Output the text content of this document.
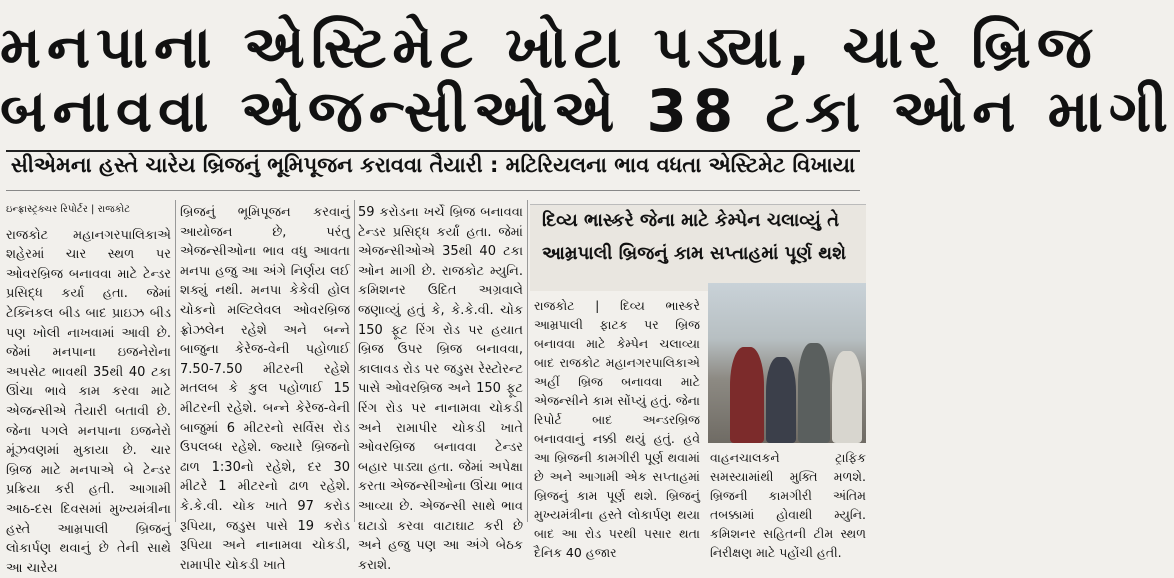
મનપાના એસ્ટિમેટ ખોટા પડ્યા, ચાર બ્રિજ
બનાવવા એજન્સીઓએ 38 ટકા ઓન માગી
સીએમના હસ્તે ચારેય બ્રિજનું ભૂમિપૂજન કરાવવા તૈયારી : મટિરિયલના ભાવ વધતા એસ્ટિમેટ વિખાયા
ઇન્ફ્રાસ્ટ્રક્ચર રિપોર્ટર | રાજકોટ

રાજકોટ મહાનગરપાલિકાએ શહેરમાં ચાર સ્થળ પર ઓવરબ્રિજ બનાવવા માટે ટેન્ડર પ્રસિદ્ધ કર્યા હતા. જેમાં ટેક્નિકલ બીડ બાદ પ્રાઇઝ બીડ પણ ખોલી નાખવામાં આવી છે. જેમાં મનપાના ઇજનેરોના અપસેટ ભાવથી 35થી 40 ટકા ઊંચા ભાવે કામ કરવા માટે એજન્સીએ તૈયારી બતાવી છે. જેના પગલે મનપાના ઇજનેરો મૂંઝવણમાં મુકાયા છે. ચાર બ્રિજ માટે મનપાએ બે ટેન્ડર પ્રક્રિયા કરી હતી. આગામી આઠ-દસ દિવસમાં મુખ્યમંત્રીના હસ્તે આમ્રપાલી બ્રિજનું લોકાર્પણ થવાનું છે તેની સાથે આ ચારેય

બ્રિજનું ભૂમિપૂજન કરવાનું આયોજન છે, પરંતુ એજન્સીઓના ભાવ વધુ આવતા મનપા હજુ આ અંગે નિર્ણય લઈ શક્યું નથી. મનપા કેકેવી હોલ ચોકનો મલ્ટિલેવલ ઓવરબ્રિજ ફ્રોઝલેન રહેશે અને બન્ને બાજુના કેરેજ-વેની પહોળાઈ 7.50-7.50 મીટરની રહેશે મતલબ કે કુલ પહોળાઈ 15 મીટરની રહેશે. બન્ને કેરેજ-વેની બાજુમાં 6 મીટરનો સર્વિસ રોડ ઉપલબ્ધ રહેશે. જ્યારે બ્રિજનો ઢાળ 1:30નો રહેશે, દર 30 મીટરે 1 મીટરનો ઢાળ રહેશે. કે.કે.વી. ચોક ખાતે 97 કરોડ રૂપિયા, જડુસ પાસે 19 કરોડ રૂપિયા અને નાનામવા ચોકડી, રામાપીર ચોકડી ખાતે

59 કરોડના ખર્ચે બ્રિજ બનાવવા ટેન્ડર પ્રસિદ્ધ કર્યાં હતા. જેમાં એજન્સીઓએ 35થી 40 ટકા ઓન માગી છે. રાજકોટ મ્યુનિ. કમિશનર ઉદિત અગ્રવાલે જણાવ્યું હતું કે, કે.કે.વી. ચોક 150 ફૂટ રિંગ રોડ પર હયાત બ્રિજ ઉપર બ્રિજ બનાવવા, કાલાવડ રોડ પર જડુસ રેસ્ટોરન્ટ પાસે ઓવરબ્રિજ અને 150 ફૂટ રિંગ રોડ પર નાનામવા ચોકડી અને રામાપીર ચોકડી ખાતે ઓવરબ્રિજ બનાવવા ટેન્ડર બહાર પાડ્યા હતા. જેમાં અપેક્ષા કરતા એજન્સીઓના ઊંચા ભાવ આવ્યા છે. એજન્સી સાથે ભાવ ઘટાડો કરવા વાટાઘાટ કરી છે અને હજુ પણ આ અંગે બેઠક કરાશે.

દિવ્ય ભાસ્કરે જેના માટે કેમ્પેન ચલાવ્યું તે
આમ્રપાલી બ્રિજનું કામ સપ્તાહમાં પૂર્ણ થશે

રાજકોટ | દિવ્ય ભાસ્કરે આમ્રપાલી ફાટક પર બ્રિજ બનાવવા માટે કેમ્પેન ચલાવ્યા બાદ રાજકોટ મહાનગરપાલિકાએ અહીં બ્રિજ બનાવવા માટે એજન્સીને કામ સોંપ્યું હતું. જેના રિપોર્ટ બાદ અન્ડરબ્રિજ બનાવવાનું નક્કી થયું હતું. હવે આ બ્રિજની કામગીરી પૂર્ણ થવામાં છે અને આગામી એક સપ્તાહમાં બ્રિજનું કામ પૂર્ણ થશે. બ્રિજનું મુખ્યમંત્રીના હસ્તે લોકાર્પણ થયા બાદ આ રોડ પરથી પસાર થતા દૈનિક 40 હજાર

વાહનચાલકને ટ્રાફિક સમસ્યામાંથી મુક્તિ મળશે. બ્રિજની કામગીરી અંતિમ તબક્કામાં હોવાથી મ્યુનિ. કમિશનર સહિતની ટીમ સ્થળ નિરીક્ષણ માટે પહોંચી હતી.
